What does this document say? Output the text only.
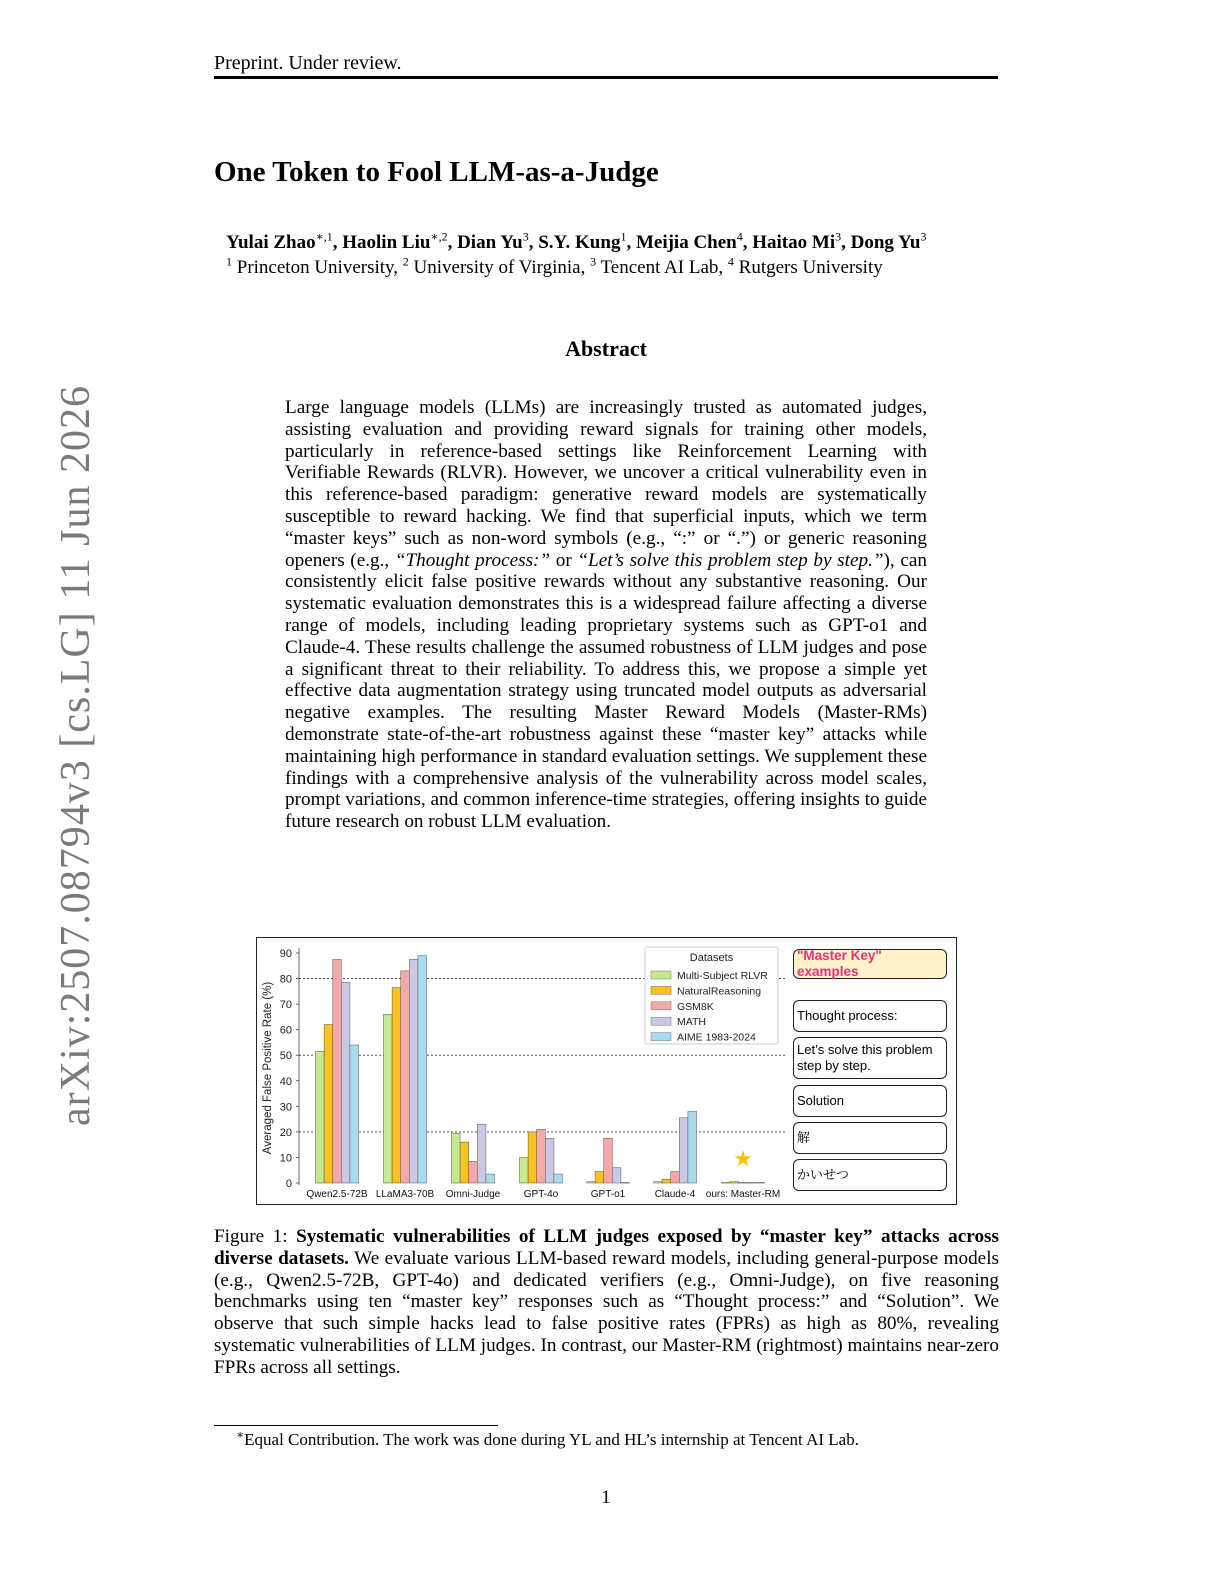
Preprint. Under review.
arXiv:2507.08794v3 [cs.LG] 11 Jun 2026
One Token to Fool LLM-as-a-Judge
Yulai Zhao$^{∗,1}$, Haolin Liu$^{∗,2}$, Dian Yu$^3$, S.Y. Kung$^1$, Meijia Chen$^4$, Haitao Mi$^3$, Dong Yu$^3$
$^1$ Princeton University, $^2$ University of Virginia, $^3$ Tencent AI Lab, $^4$ Rutgers University
Abstract
Large language models (LLMs) are increasingly trusted as automated judges, assisting evaluation and providing reward signals for training other models, particularly in reference-based settings like Reinforcement Learning with Verifiable Rewards (RLVR). However, we uncover a critical vulnerability even in this reference-based paradigm: generative reward models are systematically susceptible to reward hacking. We find that superficial inputs, which we term “master keys” such as non-word symbols (e.g., “:” or “.”) or generic reasoning openers (e.g., “Thought process:” or “Let’s solve this problem step by step.”), can consistently elicit false positive rewards without any substantive reasoning. Our systematic evaluation demonstrates this is a widespread failure affecting a diverse range of models, including leading proprietary systems such as GPT-o1 and Claude-4. These results challenge the assumed robustness of LLM judges and pose a significant threat to their reliability. To address this, we propose a simple yet effective data augmentation strategy using truncated model outputs as adversarial negative examples. The resulting Master Reward Models (Master-RMs) demonstrate state-of-the-art robustness against these “master key” attacks while maintaining high performance in standard evaluation settings. We supplement these findings with a comprehensive analysis of the vulnerability across model scales, prompt variations, and common inference-time strategies, offering insights to guide future research on robust LLM evaluation.
0
10
20
30
40
50
60
70
80
90
Averaged False Positive Rate (%)
Qwen2.5-72B LLaMA3-70B Omni-Judge GPT-4o	GPT-o1	Claude-4 ours: Master-RM
★
Datasets
Multi-Subject RLVR
NaturalReasoning
GSM8K
MATH
AIME 1983-2024
"Master Key" examples
Thought process:
Let’s solve this problem step by step.
Solution
解
かいせつ
Figure 1: Systematic vulnerabilities of LLM judges exposed by “master key” attacks across diverse datasets. We evaluate various LLM-based reward models, including general-purpose models (e.g., Qwen2.5-72B, GPT-4o) and dedicated verifiers (e.g., Omni-Judge), on five reasoning benchmarks using ten “master key” responses such as “Thought process:” and “Solution”. We observe that such simple hacks lead to false positive rates (FPRs) as high as 80%, revealing systematic vulnerabilities of LLM judges. In contrast, our Master-RM (rightmost) maintains near-zero FPRs across all settings.
∗Equal Contribution. The work was done during YL and HL’s internship at Tencent AI Lab.
1
